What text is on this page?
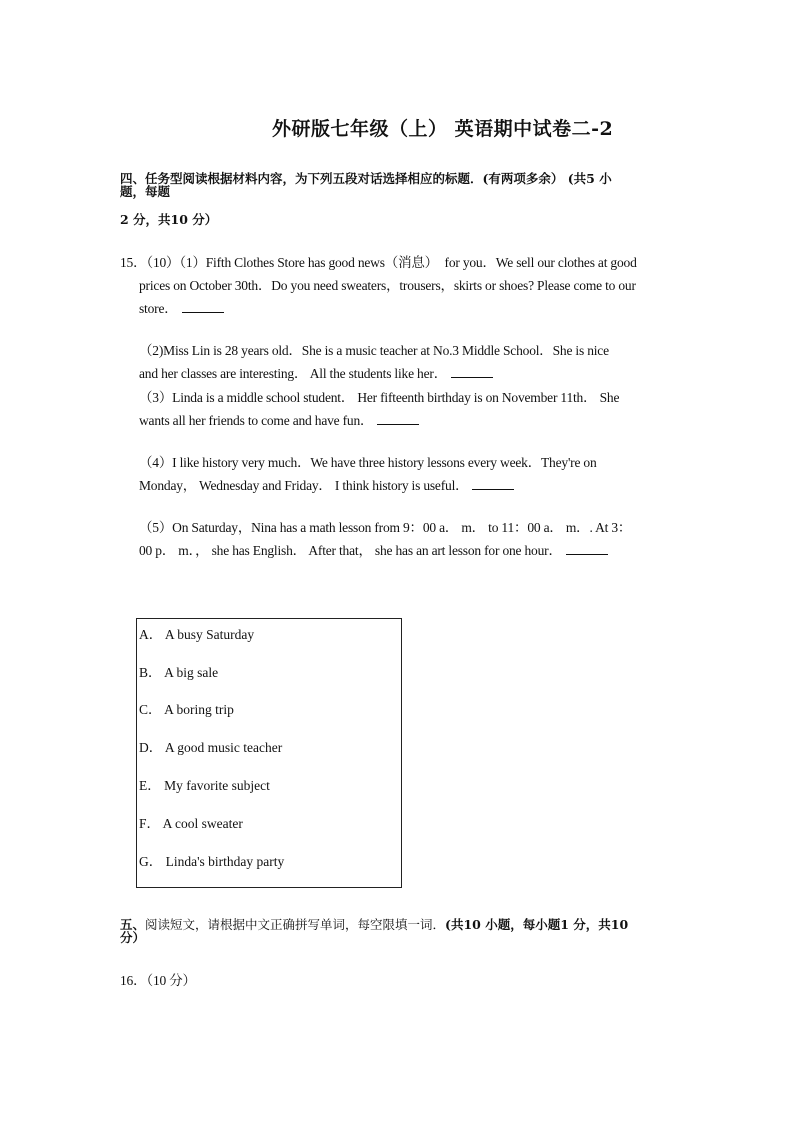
外研版七年级（上） 英语期中试卷二-2
四、任务型阅读根据材料内容，为下列五段对话选择相应的标题．(有两项多余） (共5 小
题，每题
2 分，共10 分）
15．（10）（1）Fifth Clothes Store has good news（消息）　for you．We sell our clothes at good
prices on October 30th．Do you need sweaters，trousers，skirts or shoes? Please come to our
store．
（2)Miss Lin is 28 years old．She is a music teacher at No.3 Middle School．She is nice
and her classes are interesting． All the students like her．
（3）Linda is a middle school student． Her fifteenth birthday is on November 11th． She
wants all her friends to come and have fun．
（4）I like history very much．We have three history lessons every week．They're on
Monday， Wednesday and Friday． I think history is useful．
（5）On Saturday，Nina has a math lesson from 9：00 a． m． to 11：00 a． m．. At 3：
00 p． m．， she has English． After that， she has an art lesson for one hour．
A． A busy Saturday
B． A big sale
C． A boring trip
D． A good music teacher
E． My favorite subject
F． A cool sweater
G． Linda's birthday party
五、阅读短文，请根据中文正确拼写单词，每空限填一词．(共10 小题，每小题1 分，共10
分）
16．（10 分）
